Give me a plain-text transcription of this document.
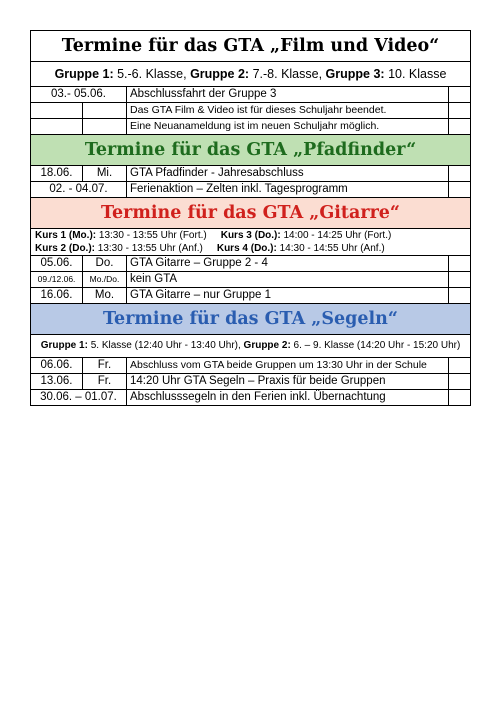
Termine für das GTA „Film und Video“			
Gruppe 1: 5.-6. Klasse, Gruppe 2: 7.-8. Klasse, Gruppe 3: 10. Klasse			
03.- 05.06.		Abschlussfahrt der Gruppe 3	
		Das GTA Film & Video ist für dieses Schuljahr beendet.	
		Eine Neuanameldung ist im neuen Schuljahr möglich.	
Termine für das GTA „Pfadfinder“			
18.06.	Mi.	GTA Pfadfinder - Jahresabschluss	
02. - 04.07.		Ferienaktion – Zelten inkl. Tagesprogramm	
Termine für das GTA „Gitarre“			
Kurs 1 (Mo.): 13:30 - 13:55 Uhr (Fort.) Kurs 3 (Do.): 14:00 - 14:25 Uhr (Fort.)			
Kurs 2 (Do.): 13:30 - 13:55 Uhr (Anf.) Kurs 4 (Do.): 14:30 - 14:55 Uhr (Anf.)			
05.06.	Do.	GTA Gitarre – Gruppe 2 - 4	
09./12.06.	Mo./Do.	kein GTA	
16.06.	Mo.	GTA Gitarre – nur Gruppe 1	
Termine für das GTA „Segeln“			
Gruppe 1: 5. Klasse (12:40 Uhr - 13:40 Uhr), Gruppe 2: 6. – 9. Klasse (14:20 Uhr - 15:20 Uhr)			
06.06.	Fr.	Abschluss vom GTA beide Gruppen um 13:30 Uhr in der Schule	
13.06.	Fr.	14:20 Uhr GTA Segeln – Praxis für beide Gruppen	
30.06. – 01.07.		Abschlusssegeln in den Ferien inkl. Übernachtung	
